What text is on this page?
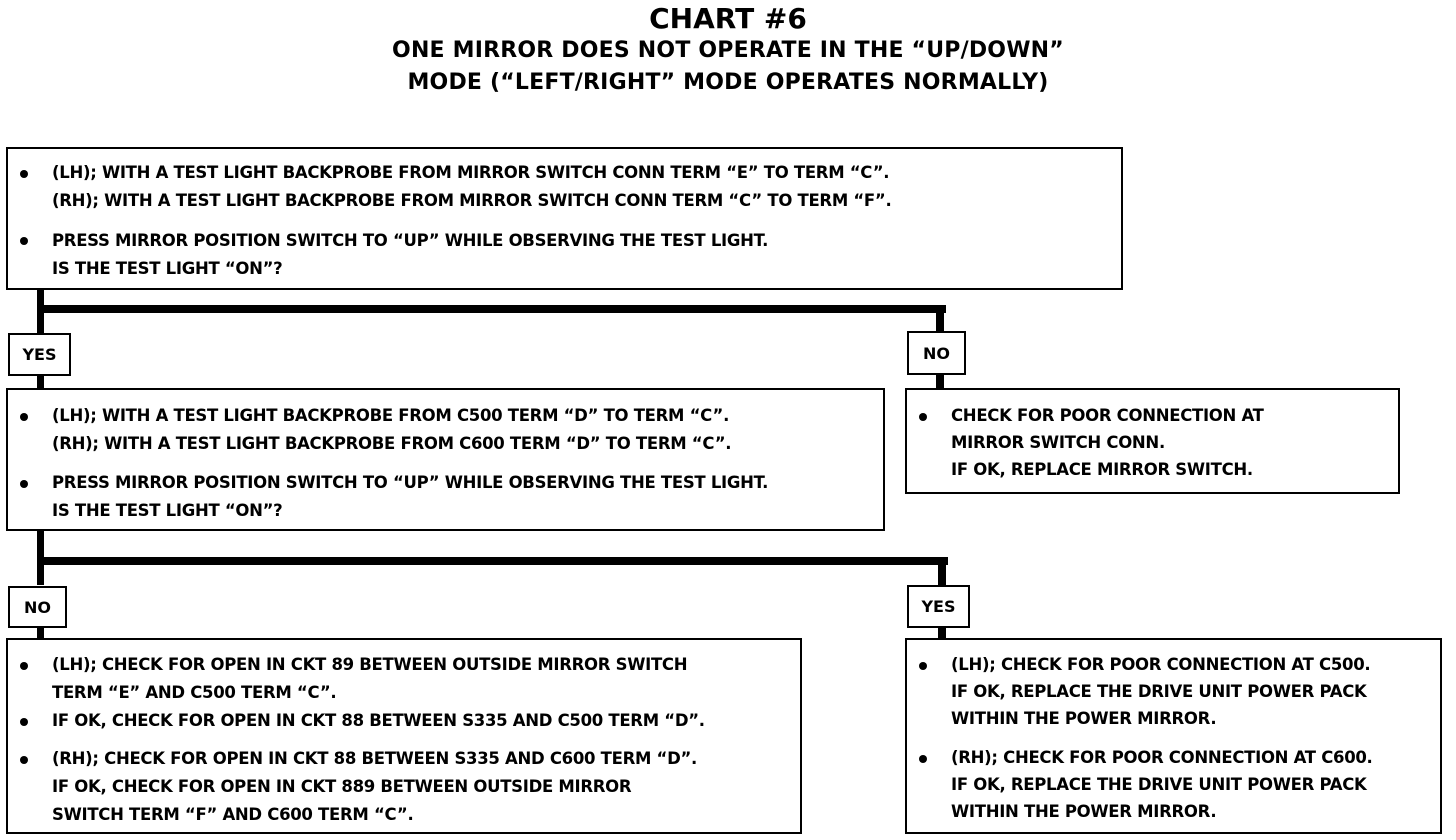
CHART #6
ONE MIRROR DOES NOT OPERATE IN THE “UP/DOWN”
MODE (“LEFT/RIGHT” MODE OPERATES NORMALLY)
(LH); WITH A TEST LIGHT BACKPROBE FROM MIRROR SWITCH CONN TERM “E” TO TERM “C”.
(RH); WITH A TEST LIGHT BACKPROBE FROM MIRROR SWITCH CONN TERM “C” TO TERM “F”.
PRESS MIRROR POSITION SWITCH TO “UP” WHILE OBSERVING THE TEST LIGHT.
IS THE TEST LIGHT “ON”?
YES	NO
(LH); WITH A TEST LIGHT BACKPROBE FROM C500 TERM “D” TO TERM “C”.
(RH); WITH A TEST LIGHT BACKPROBE FROM C600 TERM “D” TO TERM “C”.
PRESS MIRROR POSITION SWITCH TO “UP” WHILE OBSERVING THE TEST LIGHT.
IS THE TEST LIGHT “ON”?
CHECK FOR POOR CONNECTION AT
MIRROR SWITCH CONN.
IF OK, REPLACE MIRROR SWITCH.
NO	YES
(LH); CHECK FOR OPEN IN CKT 89 BETWEEN OUTSIDE MIRROR SWITCH
TERM “E” AND C500 TERM “C”.
IF OK, CHECK FOR OPEN IN CKT 88 BETWEEN S335 AND C500 TERM “D”.
(RH); CHECK FOR OPEN IN CKT 88 BETWEEN S335 AND C600 TERM “D”.
IF OK, CHECK FOR OPEN IN CKT 889 BETWEEN OUTSIDE MIRROR
SWITCH TERM “F” AND C600 TERM “C”.
(LH); CHECK FOR POOR CONNECTION AT C500.
IF OK, REPLACE THE DRIVE UNIT POWER PACK
WITHIN THE POWER MIRROR.
(RH); CHECK FOR POOR CONNECTION AT C600.
IF OK, REPLACE THE DRIVE UNIT POWER PACK
WITHIN THE POWER MIRROR.
